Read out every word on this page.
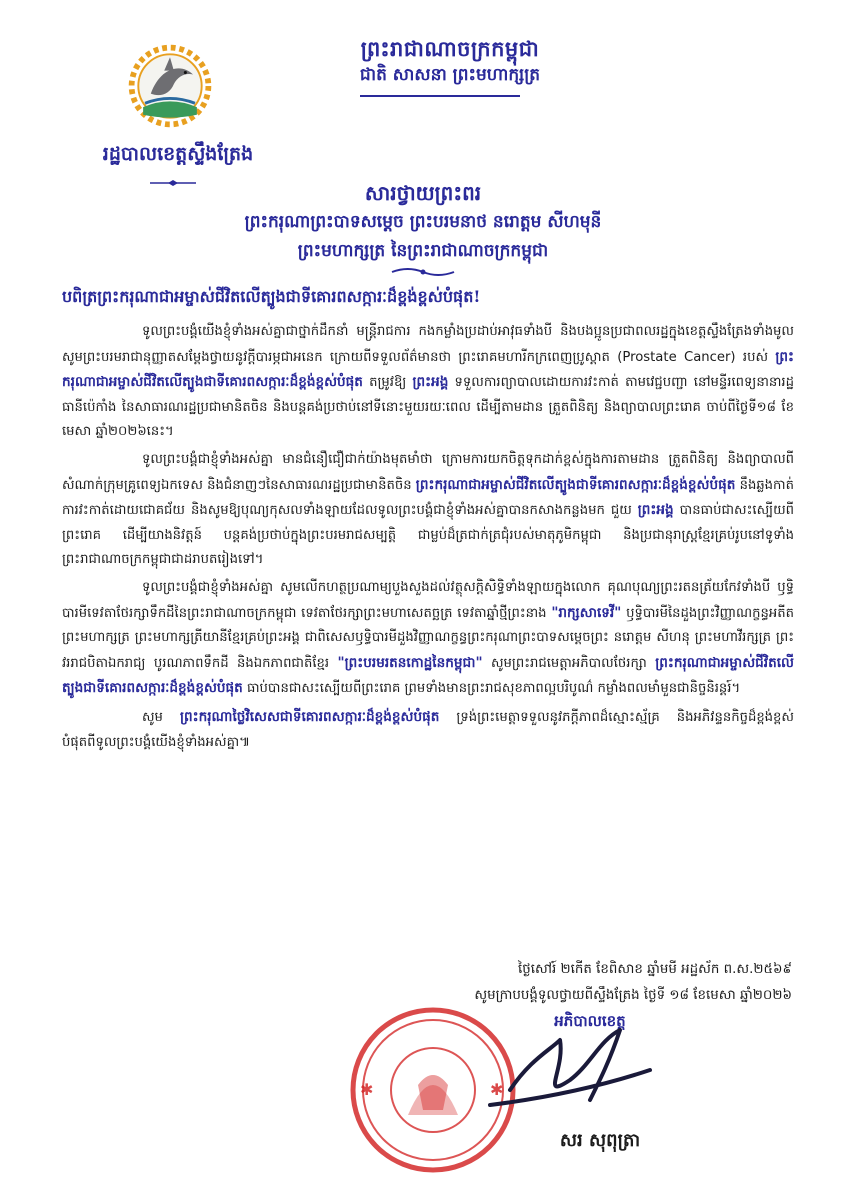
ព្រះរាជាណាចក្រកម្ពុជា
ជាតិ សាសនា ព្រះមហាក្សត្រ
រដ្ឋបាលខេត្តស្ទឹងត្រែង
សារថ្វាយព្រះពរ
ព្រះករុណាព្រះបាទសម្តេច ព្រះបរមនាថ នរោត្តម សីហមុនី
ព្រះមហាក្សត្រ នៃព្រះរាជាណាចក្រកម្ពុជា
បពិត្រព្រះករុណាជាអម្ចាស់ជីវិតលើត្បូងជាទីគោរពសក្ការៈដ៏ខ្ពង់ខ្ពស់បំផុត!

ទូលព្រះបង្គំយើងខ្ញុំទាំងអស់គ្នាជាថ្នាក់ដឹកនាំ មន្រ្តីរាជការ កងកម្លាំងប្រដាប់អាវុធទាំងបី និងបងប្អូនប្រជាពលរដ្ឋក្នុងខេត្តស្ទឹងត្រែងទាំងមូល សូមព្រះបរមរាជានុញ្ញាតសម្តែងថ្វាយនូវក្តីបារម្ភជាអនេក ក្រោយពីទទួលព័ត៌មានថា ព្រះរោគមហារីកក្រពេញប្រូស្តាត (Prostate Cancer) របស់ ព្រះករុណាជាអម្ចាស់ជីវិតលើត្បូងជាទីគោរពសក្ការៈដ៏ខ្ពង់ខ្ពស់បំផុត តម្រូវឱ្យ ព្រះអង្គ ទទួលការព្យាបាលដោយការវះកាត់ តាមវេជ្ជបញ្ជា នៅមន្ទីរពេទ្យនានារដ្ឋធានីប៉េកាំង នៃសាធារណរដ្ឋប្រជាមានិតចិន និងបន្តគង់ប្រថាប់នៅទីនោះមួយរយៈពេល ដើម្បីតាមដាន ត្រួតពិនិត្យ និងព្យាបាលព្រះរោគ ចាប់ពីថ្ងៃទី១៨ ខែមេសា ឆ្នាំ២០២៦នេះ។

ទូលព្រះបង្គំជាខ្ញុំទាំងអស់គ្នា មានជំនឿជឿជាក់យ៉ាងមុតមាំថា ក្រោមការយកចិត្តទុកដាក់ខ្ពស់ក្នុងការតាមដាន ត្រួតពិនិត្យ និងព្យាបាលពីសំណាក់ក្រុមគ្រូពេទ្យឯកទេស និងជំនាញៗនៃសាធារណរដ្ឋប្រជាមានិតចិន ព្រះករុណាជាអម្ចាស់ជីវិតលើត្បូងជាទីគោរពសក្ការៈដ៏ខ្ពង់ខ្ពស់បំផុត នឹងឆ្លងកាត់ការវះកាត់ដោយជោគជ័យ និងសូមឱ្យបុណ្យកុសលទាំងឡាយដែលទូលព្រះបង្គំជាខ្ញុំទាំងអស់គ្នាបានកសាងកន្លងមក ជួយ ព្រះអង្គ បានធាប់ជាសះស្បើយពីព្រះរោគ ដើម្បីយាងនិវត្តន៍ បន្តគង់ប្រថាប់ក្នុងព្រះបរមរាជសម្បត្តិ ជាម្លប់ដ៏ត្រជាក់ត្រជុំរបស់មាតុភូមិកម្ពុជា និងប្រជានុរាស្ត្រខ្មែរគ្រប់រូបនៅទូទាំងព្រះរាជាណាចក្រកម្ពុជាជាដរាបតរៀងទៅ។

ទូលព្រះបង្គំជាខ្ញុំទាំងអស់គ្នា សូមលើកហត្ថប្រណាម្យបួងសួងដល់វត្ថុសក្តិសិទ្ធិទាំងឡាយក្នុងលោក គុណបុណ្យព្រះរតនត្រ័យកែវទាំងបី ឫទ្ធិបារមីទេវតាថែរក្សាទឹកដីនៃព្រះរាជាណាចក្រកម្ពុជា ទេវតាថែរក្សាព្រះមហាសេតច្ឆត្រ ទេវតាឆ្នាំថ្មីព្រះនាង "រាក្សសាទេវី" ឫទ្ធិបារមីនៃដួងព្រះវិញ្ញាណក្ខន្ធអតីតព្រះមហាក្សត្រ ព្រះមហាក្សត្រីយានីខ្មែរគ្រប់ព្រះអង្គ ជាពិសេសឫទ្ធិបារមីដួងវិញ្ញាណក្ខន្ធព្រះករុណាព្រះបាទសម្តេចព្រះ នរោត្តម សីហនុ ព្រះមហាវីរក្សត្រ ព្រះវររាជបិតាឯករាជ្យ បូរណភាពទឹកដី និងឯកភាពជាតិខ្មែរ "ព្រះបរមរតនកោដ្ឋនៃកម្ពុជា" សូមព្រះរាជមេត្តាអភិបាលថែរក្សា ព្រះករុណាជាអម្ចាស់ជីវិតលើត្បូងជាទីគោរពសក្ការៈដ៏ខ្ពង់ខ្ពស់បំផុត ធាប់បានជាសះស្បើយពីព្រះរោគ ព្រមទាំងមានព្រះរាជសុខភាពល្អបរិបូណ៌ កម្លាំងពលមាំមួនជានិច្ចនិរន្តរ៍។

សូម ព្រះករុណាថ្លៃវិសេសជាទីគោរពសក្ការៈដ៏ខ្ពង់ខ្ពស់បំផុត ទ្រង់ព្រះមេត្តាទទួលនូវភក្តីភាពដ៏ស្មោះស្ម័គ្រ និងអភិវន្ទនកិច្ចដ៏ខ្ពង់ខ្ពស់បំផុតពីទូលព្រះបង្គំយើងខ្ញុំទាំងអស់គ្នា៕

ថ្ងៃសៅរ៍ ២កើត ខែពិសាខ ឆ្នាំមមី អដ្ឋស័ក ព.ស.២៥៦៩
សូមក្រាបបង្គំទូលថ្វាយពីស្ទឹងត្រែង ថ្ងៃទី ១៨ ខែមេសា ឆ្នាំ២០២៦
✱	✱
អភិបាលខេត្ត
សរ សុពុត្រា
